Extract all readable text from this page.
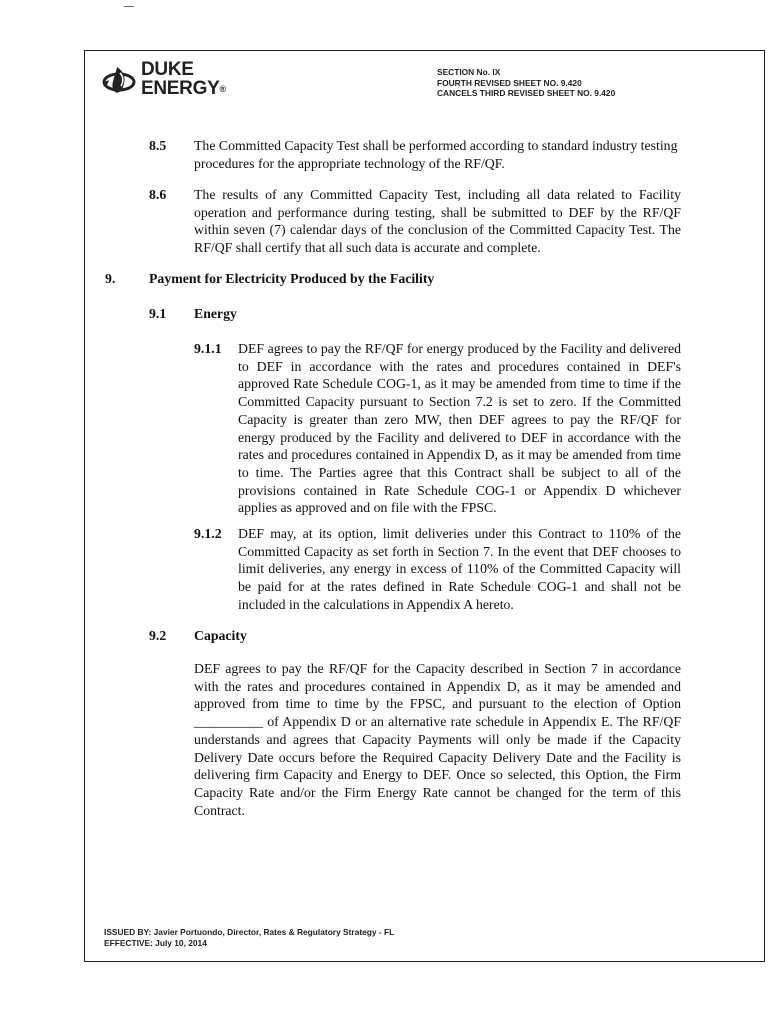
DUKE
ENERGY®
SECTION No. IX
FOURTH REVISED SHEET NO. 9.420
CANCELS THIRD REVISED SHEET NO. 9.420
8.5 The Committed Capacity Test shall be performed according to standard industry testing procedures for the appropriate technology of the RF/QF.
8.6 The results of any Committed Capacity Test, including all data related to Facility operation and performance during testing, shall be submitted to DEF by the RF/QF within seven (7) calendar days of the conclusion of the Committed Capacity Test. The RF/QF shall certify that all such data is accurate and complete.
9. Payment for Electricity Produced by the Facility
9.1 Energy
9.1.1 DEF agrees to pay the RF/QF for energy produced by the Facility and delivered to DEF in accordance with the rates and procedures contained in DEF's approved Rate Schedule COG-1, as it may be amended from time to time if the Committed Capacity pursuant to Section 7.2 is set to zero. If the Committed Capacity is greater than zero MW, then DEF agrees to pay the RF/QF for energy produced by the Facility and delivered to DEF in accordance with the rates and procedures contained in Appendix D, as it may be amended from time to time. The Parties agree that this Contract shall be subject to all of the provisions contained in Rate Schedule COG-1 or Appendix D whichever applies as approved and on file with the FPSC.
9.1.2 DEF may, at its option, limit deliveries under this Contract to 110% of the Committed Capacity as set forth in Section 7. In the event that DEF chooses to limit deliveries, any energy in excess of 110% of the Committed Capacity will be paid for at the rates defined in Rate Schedule COG-1 and shall not be included in the calculations in Appendix A hereto.
9.2 Capacity
DEF agrees to pay the RF/QF for the Capacity described in Section 7 in accordance with the rates and procedures contained in Appendix D, as it may be amended and approved from time to time by the FPSC, and pursuant to the election of Option __________ of Appendix D or an alternative rate schedule in Appendix E. The RF/QF understands and agrees that Capacity Payments will only be made if the Capacity Delivery Date occurs before the Required Capacity Delivery Date and the Facility is delivering firm Capacity and Energy to DEF. Once so selected, this Option, the Firm Capacity Rate and/or the Firm Energy Rate cannot be changed for the term of this Contract.
ISSUED BY: Javier Portuondo, Director, Rates & Regulatory Strategy - FL
EFFECTIVE: July 10, 2014
